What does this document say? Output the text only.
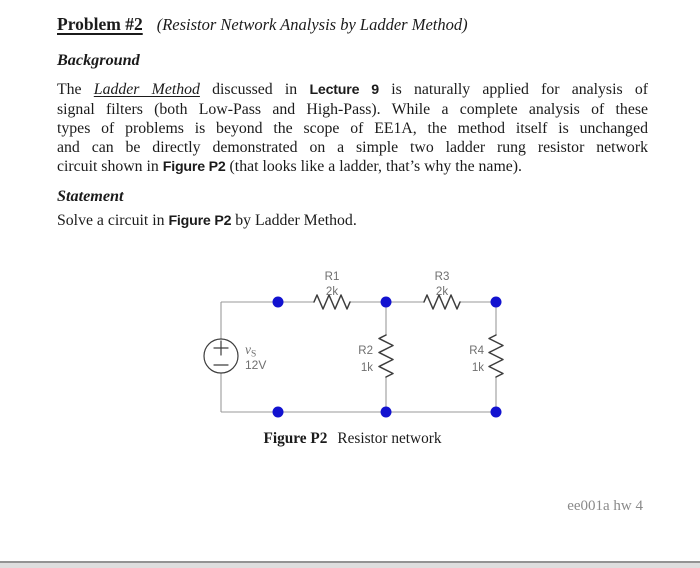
Problem #2 (Resistor Network Analysis by Ladder Method)
Background
The Ladder Method discussed in Lecture 9 is naturally applied for analysis of
signal filters (both Low-Pass and High-Pass). While a complete analysis of these
types of problems is beyond the scope of EE1A, the method itself is unchanged
and can be directly demonstrated on a simple two ladder rung resistor network
circuit shown in Figure P2 (that looks like a ladder, that’s why the name).
Statement
Solve a circuit in Figure P2 by Ladder Method.
R1
2k
R3
2k
R2
1k
R4
1k
vS
12V
Figure P2 Resistor network
ee001a hw 4
